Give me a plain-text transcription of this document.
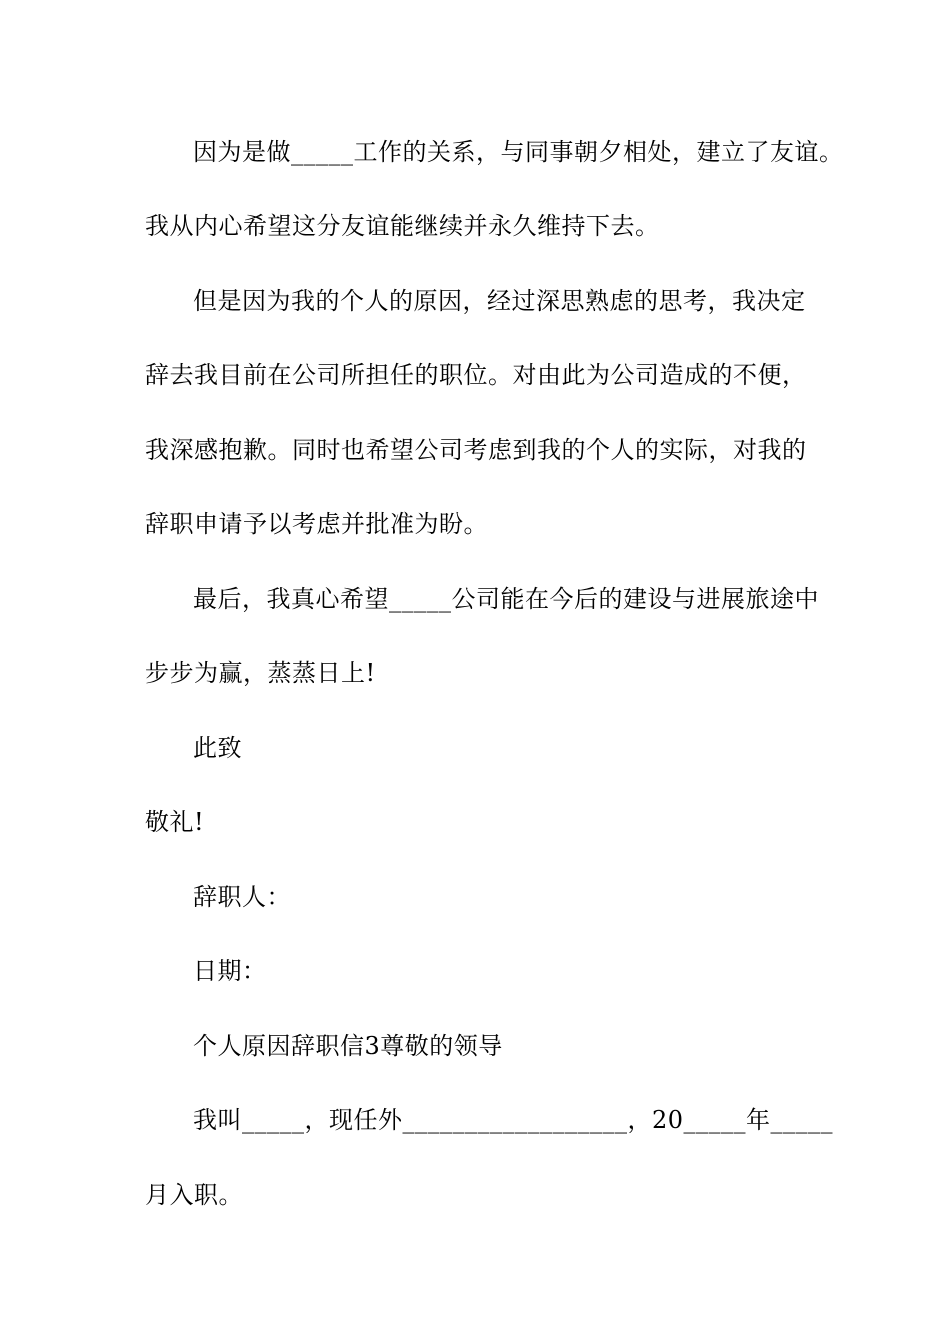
因为是做_____工作的关系，与同事朝夕相处，建立了友谊。
我从内心希望这分友谊能继续并永久维持下去。
但是因为我的个人的原因，经过深思熟虑的思考，我决定
辞去我目前在公司所担任的职位。对由此为公司造成的不便，
我深感抱歉。同时也希望公司考虑到我的个人的实际，对我的
辞职申请予以考虑并批准为盼。
最后，我真心希望_____公司能在今后的建设与进展旅途中
步步为赢，蒸蒸日上!
此致
敬礼!
辞职人：
日期：
个人原因辞职信3尊敬的领导
我叫_____，现任外__________________，20_____年_____
月入职。
